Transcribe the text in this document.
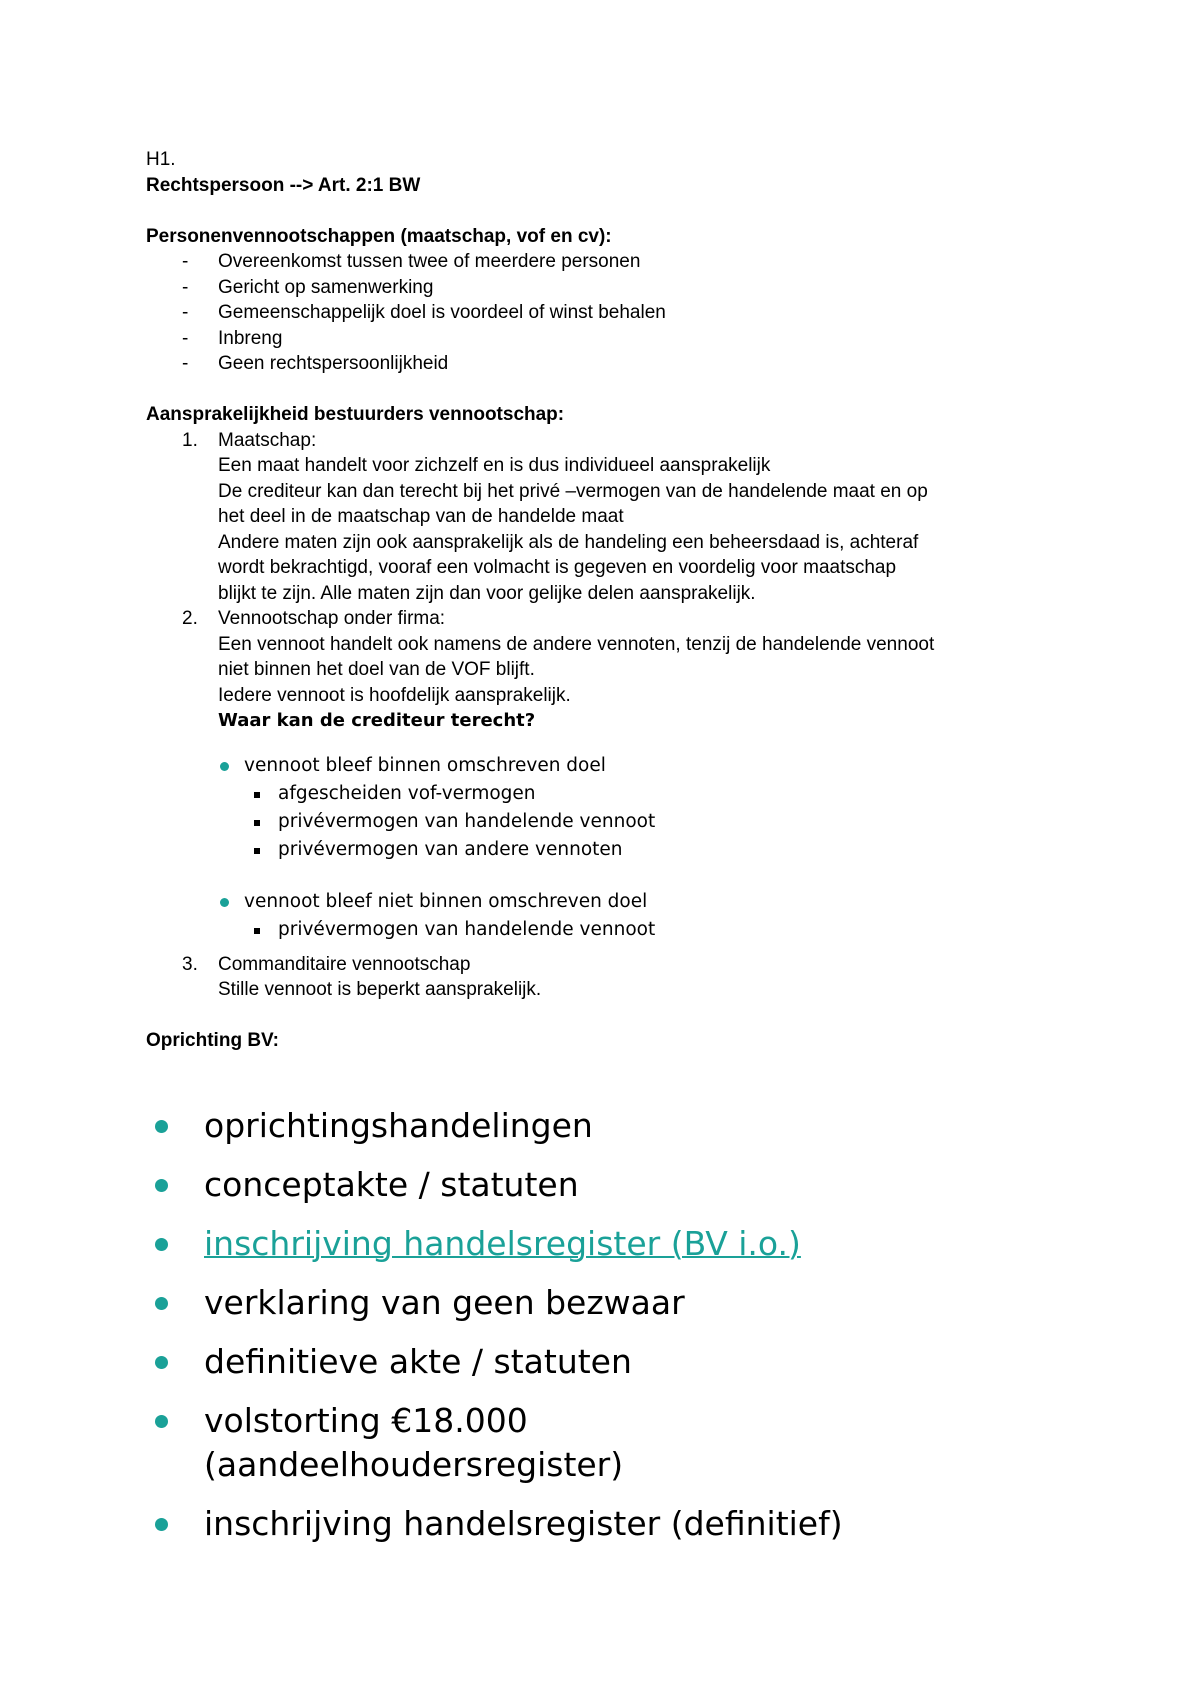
H1.

Rechtspersoon --> Art. 2:1 BW

Personenvennootschappen (maatschap, vof en cv):

- Overeenkomst tussen twee of meerdere personen
- Gericht op samenwerking
- Gemeenschappelijk doel is voordeel of winst behalen
- Inbreng
- Geen rechtspersoonlijkheid

Aansprakelijkheid bestuurders vennootschap:

1. Maatschap:
Een maat handelt voor zichzelf en is dus individueel aansprakelijk
De crediteur kan dan terecht bij het privé –vermogen van de handelende maat en op
het deel in de maatschap van de handelde maat
Andere maten zijn ook aansprakelijk als de handeling een beheersdaad is, achteraf
wordt bekrachtigd, vooraf een volmacht is gegeven en voordelig voor maatschap
blijkt te zijn. Alle maten zijn dan voor gelijke delen aansprakelijk.
2. Vennootschap onder firma:
Een vennoot handelt ook namens de andere vennoten, tenzij de handelende vennoot
niet binnen het doel van de VOF blijft.
Iedere vennoot is hoofdelijk aansprakelijk.
Waar kan de crediteur terecht?
vennoot bleef binnen omschreven doel
afgescheiden vof-vermogen
privévermogen van handelende vennoot
privévermogen van andere vennoten
vennoot bleef niet binnen omschreven doel
privévermogen van handelende vennoot
3. Commanditaire vennootschap
Stille vennoot is beperkt aansprakelijk.

Oprichting BV:

oprichtingshandelingen
conceptakte / statuten
inschrijving handelsregister (BV i.o.)
verklaring van geen bezwaar
definitieve akte / statuten
volstorting €18.000
(aandeelhoudersregister)
inschrijving handelsregister (definitief)
